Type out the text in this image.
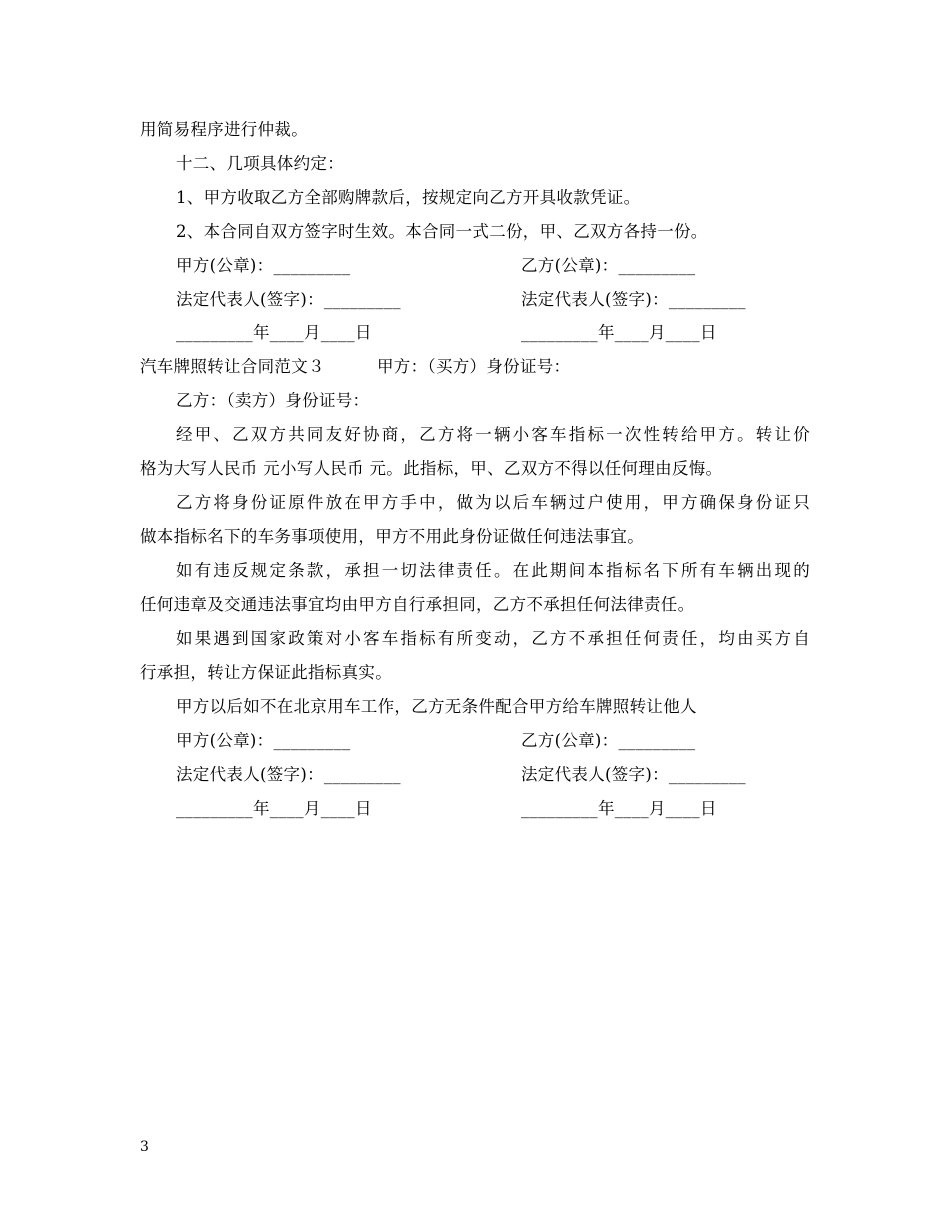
用简易程序进行仲裁。
十二、几项具体约定：
1、甲方收取乙方全部购牌款后，按规定向乙方开具收款凭证。
2、本合同自双方签字时生效。本合同一式二份，甲、乙双方各持一份。
甲方(公章)：_________	乙方(公章)：_________
法定代表人(签字)：_________	法定代表人(签字)：_________
_________年____月____日	_________年____月____日
汽车牌照转让合同范文３	甲方：（买方）身份证号：
乙方：（卖方）身份证号：
经甲、乙双方共同友好协商，乙方将一辆小客车指标一次性转给甲方。转让价
格为大写人民币 元小写人民币 元。此指标，甲、乙双方不得以任何理由反悔。
乙方将身份证原件放在甲方手中，做为以后车辆过户使用，甲方确保身份证只
做本指标名下的车务事项使用，甲方不用此身份证做任何违法事宜。
如有违反规定条款，承担一切法律责任。在此期间本指标名下所有车辆出现的
任何违章及交通违法事宜均由甲方自行承担同，乙方不承担任何法律责任。
如果遇到国家政策对小客车指标有所变动，乙方不承担任何责任，均由买方自
行承担，转让方保证此指标真实。
甲方以后如不在北京用车工作，乙方无条件配合甲方给车牌照转让他人
甲方(公章)：_________	乙方(公章)：_________
法定代表人(签字)：_________	法定代表人(签字)：_________
_________年____月____日	_________年____月____日
3
